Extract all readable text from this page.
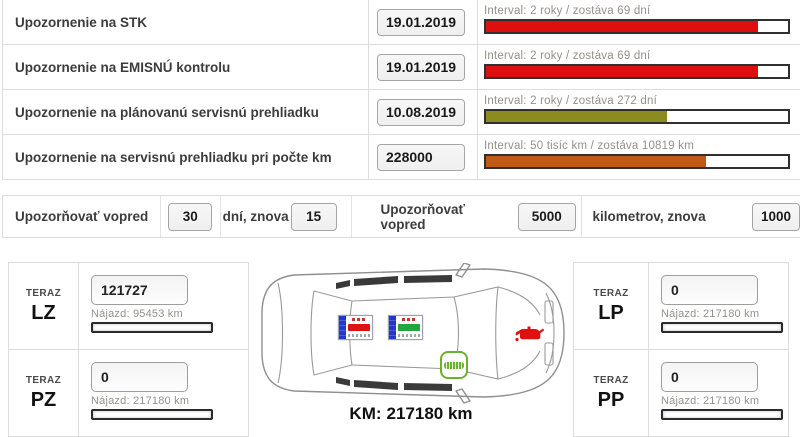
Upozornenie na STK
19.01.2019
Interval: 2 roky / zostáva 69 dní
Upozornenie na EMISNÚ kontrolu
19.01.2019
Interval: 2 roky / zostáva 69 dní
Upozornenie na plánovanú servisnú prehliadku
10.08.2019
Interval: 2 roky / zostáva 272 dní
Upozornenie na servisnú prehliadku pri počte km
228000
Interval: 50 tisíc km / zostáva 10819 km
Upozorňovať vopred
30	dní, znova
15	Upozorňovať vopred
5000	kilometrov, znova
1000
TERAZ
LZ
121727	Nájazd: 95453 km
TERAZ
PZ
0	Nájazd: 217180 km
TERAZ
LP
0	Nájazd: 217180 km
TERAZ
PP
0	Nájazd: 217180 km
KM: 217180 km
